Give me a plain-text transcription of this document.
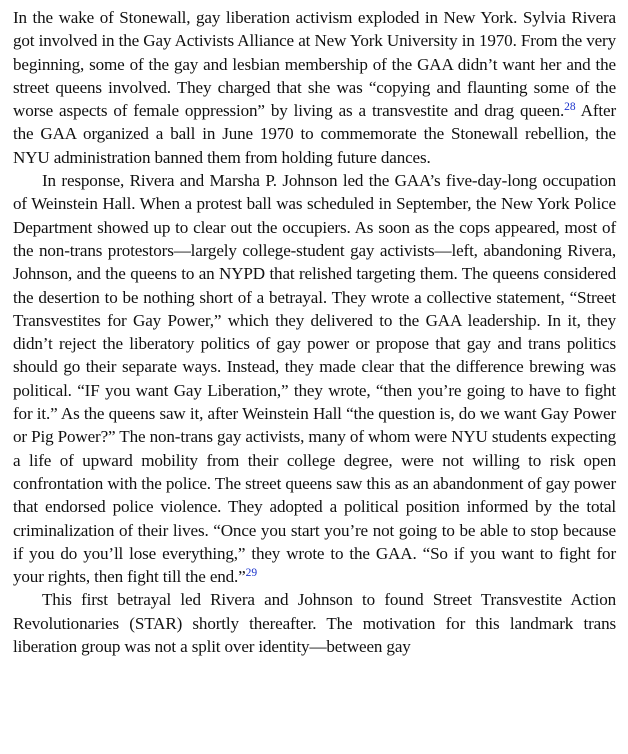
In the wake of Stonewall, gay liberation activism exploded in New York. Sylvia Rivera got involved in the Gay Activists Alliance at New York University in 1970. From the very beginning, some of the gay and lesbian membership of the GAA didn’t want her and the street queens involved. They charged that she was “copying and flaunting some of the worse aspects of female oppression” by living as a transvestite and drag queen.$^{28}$ After the GAA organized a ball in June 1970 to commemorate the Stonewall rebellion, the NYU administration banned them from holding future dances.

In response, Rivera and Marsha P. Johnson led the GAA’s five-day-long occupation of Weinstein Hall. When a protest ball was scheduled in September, the New York Police Department showed up to clear out the occupiers. As soon as the cops appeared, most of the non-trans protestors—largely college-student gay activists—left, abandoning Rivera, Johnson, and the queens to an NYPD that relished targeting them. The queens considered the desertion to be nothing short of a betrayal. They wrote a collective statement, “Street Transvestites for Gay Power,” which they delivered to the GAA leadership. In it, they didn’t reject the liberatory politics of gay power or propose that gay and trans politics should go their separate ways. Instead, they made clear that the difference brewing was political. “IF you want Gay Liberation,” they wrote, “then you’re going to have to fight for it.” As the queens saw it, after Weinstein Hall “the question is, do we want Gay Power or Pig Power?” The non-trans gay activists, many of whom were NYU students expecting a life of upward mobility from their college degree, were not willing to risk open confrontation with the police. The street queens saw this as an abandonment of gay power that endorsed police violence. They adopted a political position informed by the total criminalization of their lives. “Once you start you’re not going to be able to stop because if you do you’ll lose everything,” they wrote to the GAA. “So if you want to fight for your rights, then fight till the end.”$^{29}$

This first betrayal led Rivera and Johnson to found Street Transvestite Action Revolutionaries (STAR) shortly thereafter. The motivation for this landmark trans liberation group was not a split over identity—between gay
